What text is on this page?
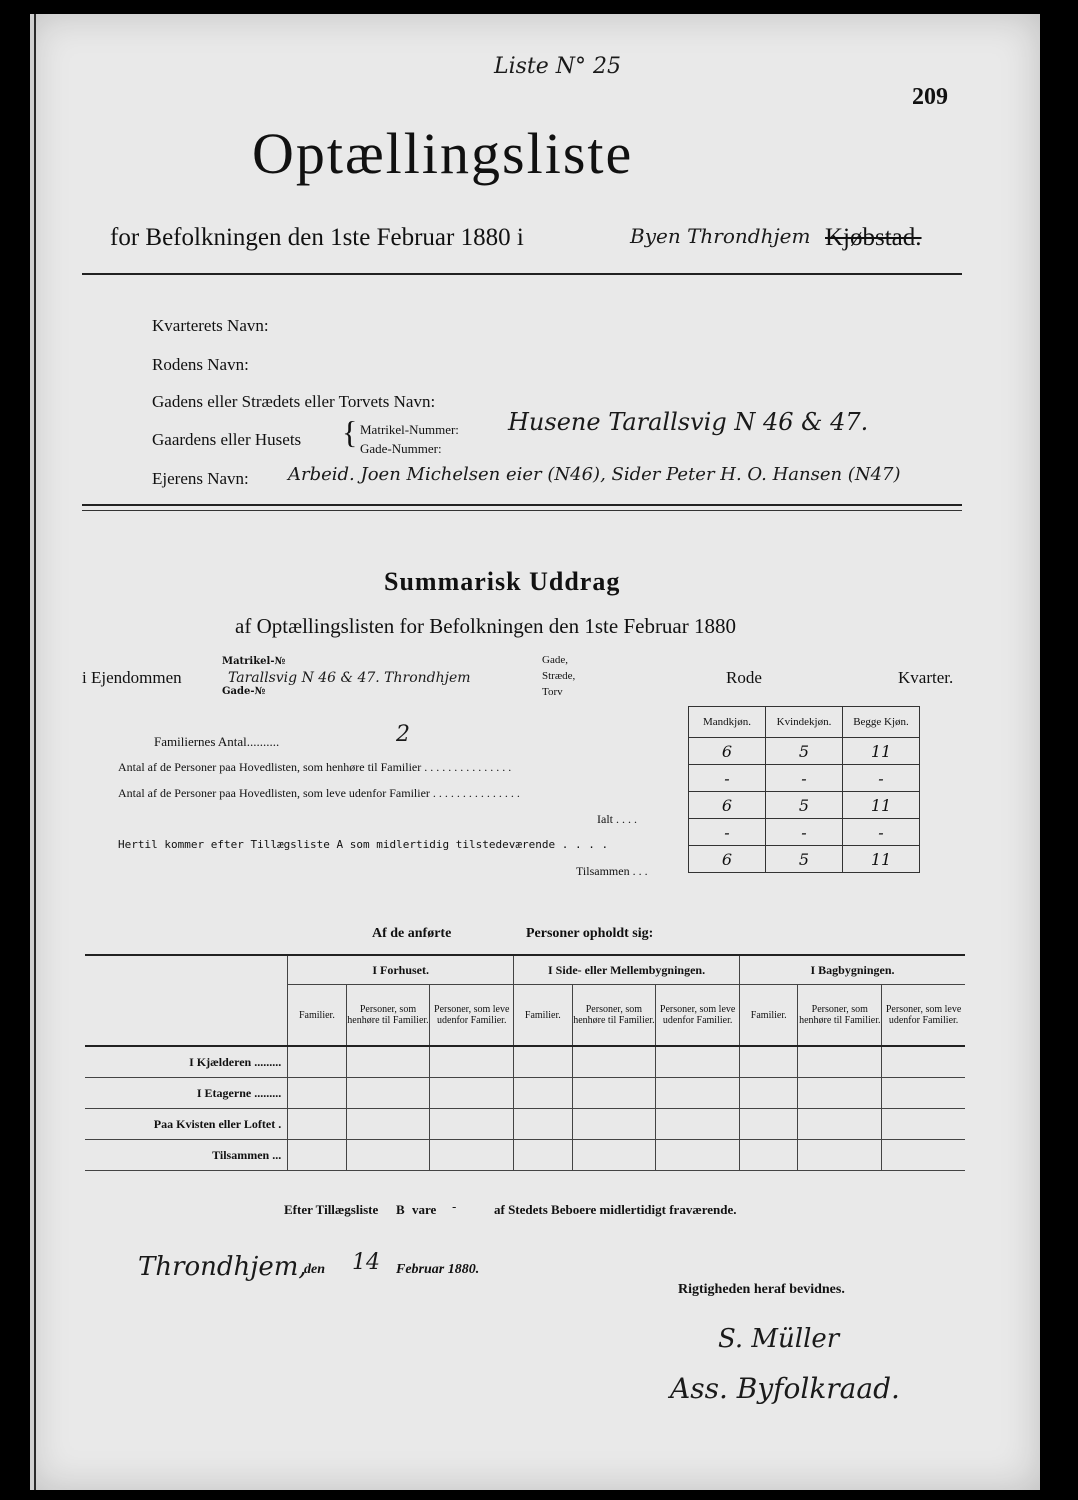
Liste N° 25
209
Optællingsliste
for Befolkningen den 1ste Februar 1880 i	Byen Throndhjem Kjøbstad.
Kvarterets Navn:
Rodens Navn:
Gadens eller Strædets eller Torvets Navn:
Gaardens eller Husets { Matrikel-Nummer:
Gade-Nummer:
Husene Tarallsvig N 46 & 47.
Ejerens Navn: Arbeid. Joen Michelsen eier (N46), Sider Peter H. O. Hansen (N47)
Summarisk Uddrag
af Optællingslisten for Befolkningen den 1ste Februar 1880
i Ejendommen
Matrikel-№
Gade-№
Tarallsvig N 46 & 47. Throndhjem
Gade,
Stræde,
Torv
Rode	Kvarter.
Familiernes Antal..........	2
Antal af de Personer paa Hovedlisten, som henhøre til Familier . . . . . . . . . . . . . . .
Antal af de Personer paa Hovedlisten, som leve udenfor Familier . . . . . . . . . . . . . . .
Ialt . . . .
Hertil kommer efter Tillægsliste A som midlertidig tilstedeværende . . . .
Tilsammen . . .
Mandkjøn.	Kvindekjøn.	Begge Kjøn.
6	5	11
-	-	-
6	5	11
-	-	-
6	5	11
Af de anførte	Personer opholdt sig:
	I Forhuset.			I Side- eller Mellembygningen.			I Bagbygningen.		
	Familier.	Personer, som henhøre til Familier.	Personer, som leve udenfor Familier.	Familier.	Personer, som henhøre til Familier.	Personer, som leve udenfor Familier.	Familier.	Personer, som henhøre til Familier.	Personer, som leve udenfor Familier.
I Kjælderen .........									
I Etagerne .........									
Paa Kvisten eller Loftet .									
Tilsammen ...									
Efter Tillægsliste B vare -	af Stedets Beboere midlertidigt fraværende.
Throndhjem,
den 14 Februar 1880.
Rigtigheden heraf bevidnes.
S. Müller
Ass. Byfolkraad.
